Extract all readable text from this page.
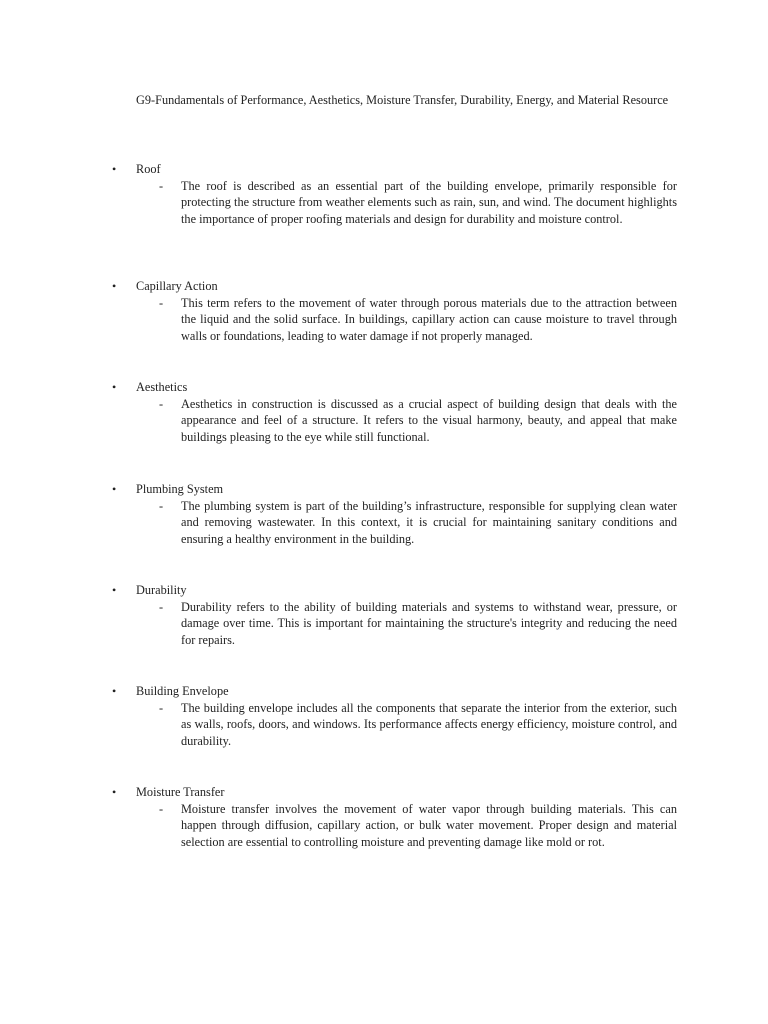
G9-Fundamentals of Performance, Aesthetics, Moisture Transfer, Durability, Energy, and Material Resource
• Roof
- The roof is described as an essential part of the building envelope, primarily responsible for protecting the structure from weather elements such as rain, sun, and wind. The document highlights the importance of proper roofing materials and design for durability and moisture control.
• Capillary Action
- This term refers to the movement of water through porous materials due to the attraction between the liquid and the solid surface. In buildings, capillary action can cause moisture to travel through walls or foundations, leading to water damage if not properly managed.
• Aesthetics
- Aesthetics in construction is discussed as a crucial aspect of building design that deals with the appearance and feel of a structure. It refers to the visual harmony, beauty, and appeal that make buildings pleasing to the eye while still functional.
• Plumbing System
- The plumbing system is part of the building’s infrastructure, responsible for supplying clean water and removing wastewater. In this context, it is crucial for maintaining sanitary conditions and ensuring a healthy environment in the building.
• Durability
- Durability refers to the ability of building materials and systems to withstand wear, pressure, or damage over time. This is important for maintaining the structure's integrity and reducing the need for repairs.
• Building Envelope
- The building envelope includes all the components that separate the interior from the exterior, such as walls, roofs, doors, and windows. Its performance affects energy efficiency, moisture control, and durability.
• Moisture Transfer
- Moisture transfer involves the movement of water vapor through building materials. This can happen through diffusion, capillary action, or bulk water movement. Proper design and material selection are essential to controlling moisture and preventing damage like mold or rot.
